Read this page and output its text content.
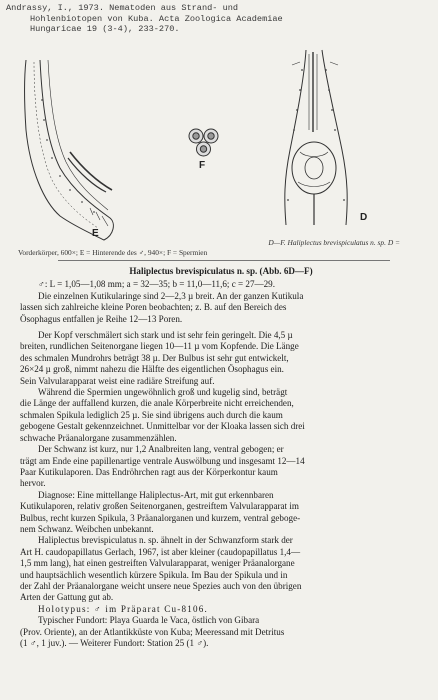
Andrassy, I., 1973. Nematoden aus Strand- und
Hohlenbiotopen von Kuba. Acta Zoologica Academiae
Hungaricae 19 (3-4), 233-270.
E
F
D
D—F. Haliplectus brevispiculatus n. sp. D =
Vorderkörper, 600×; E = Hinterende des ♂, 940×; F = Spermien
Haliplectus brevispiculatus n. sp. (Abb. 6D—F)

♂: L = 1,05—1,08 mm; a = 32—35; b = 11,0—11,6; c = 27—29.
Die einzelnen Kutikularinge sind 2—2,3 µ breit. An der ganzen Kutikula
lassen sich zahlreiche kleine Poren beobachten; z. B. auf den Bereich des
Ösophagus entfallen je Reihe 12—13 Poren.

Der Kopf verschmälert sich stark und ist sehr fein geringelt. Die 4,5 µ
breiten, rundlichen Seitenorgane liegen 10—11 µ vom Kopfende. Die Länge
des schmalen Mundrohrs beträgt 38 µ. Der Bulbus ist sehr gut entwickelt,
26×24 µ groß, nimmt nahezu die Hälfte des eigentlichen Ösophagus ein.
Sein Valvularapparat weist eine radiäre Streifung auf.

Während die Spermien ungewöhnlich groß und kugelig sind, beträgt
die Länge der auffallend kurzen, die anale Körperbreite nicht erreichenden,
schmalen Spikula lediglich 25 µ. Sie sind übrigens auch durch die kaum
gebogene Gestalt gekennzeichnet. Unmittelbar vor der Kloaka lassen sich drei
schwache Präanalorgane zusammenzählen.

Der Schwanz ist kurz, nur 1,2 Analbreiten lang, ventral gebogen; er
trägt am Ende eine papillenartige ventrale Auswölbung und insgesamt 12—14
Paar Kutikulaporen. Das Endröhrchen ragt aus der Körperkontur kaum
hervor.

Diagnose: Eine mittellange Haliplectus-Art, mit gut erkennbaren
Kutikulaporen, relativ großen Seitenorganen, gestreiftem Valvularapparat im
Bulbus, recht kurzen Spikula, 3 Präanalorganen und kurzem, ventral geboge-
nem Schwanz. Weibchen unbekannt.

Haliplectus brevispiculatus n. sp. ähnelt in der Schwanzform stark der
Art H. caudopapillatus Gerlach, 1967, ist aber kleiner (caudopapillatus 1,4—
1,5 mm lang), hat einen gestreiften Valvularapparat, weniger Präanalorgane
und hauptsächlich wesentlich kürzere Spikula. Im Bau der Spikula und in
der Zahl der Präanalorgane weicht unsere neue Spezies auch von den übrigen
Arten der Gattung gut ab.

Holotypus: ♂ im Präparat Cu-8106.

Typischer Fundort: Playa Guarda le Vaca, östlich von Gibara
(Prov. Oriente), an der Atlantikküste von Kuba; Meeressand mit Detritus
(1 ♂, 1 juv.). — Weiterer Fundort: Station 25 (1 ♂).
